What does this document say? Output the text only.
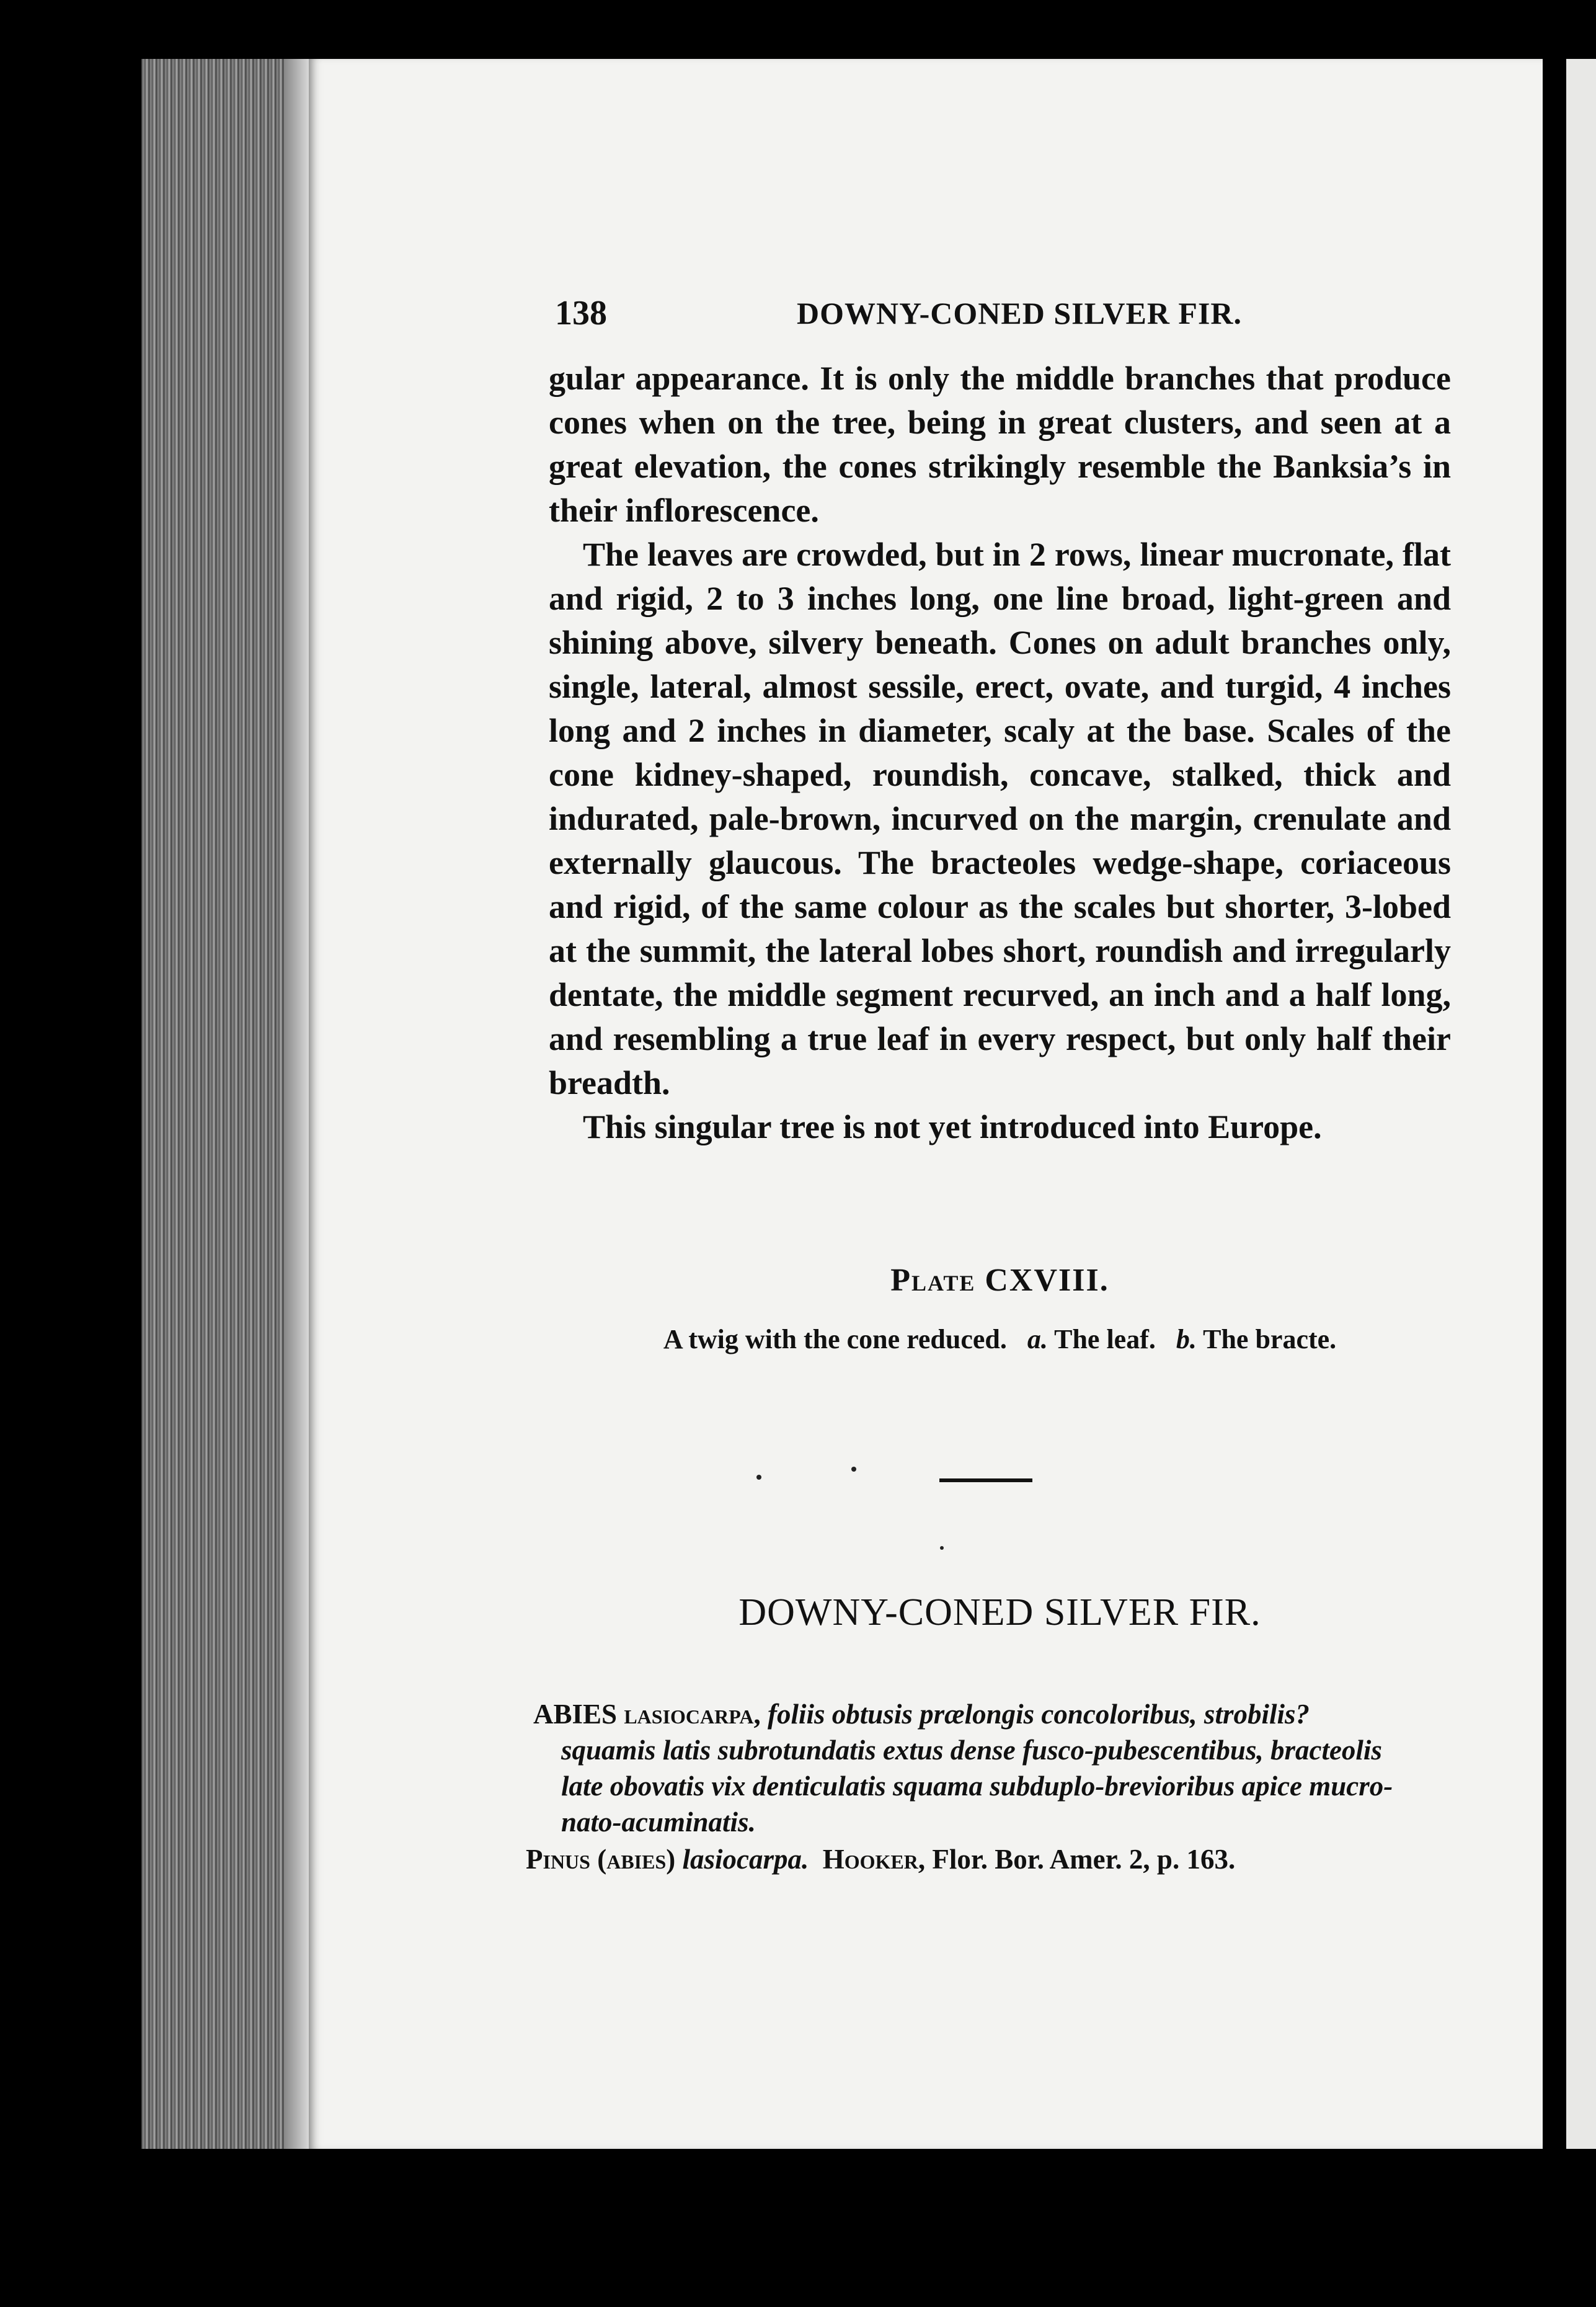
138	DOWNY-CONED SILVER FIR.

gular appearance. It is only the middle branches that produce cones when on the tree, being in great clusters, and seen at a great elevation, the cones strikingly resemble the Banksia’s in their inflorescence.

The leaves are crowded, but in 2 rows, linear mucronate, flat and rigid, 2 to 3 inches long, one line broad, light-green and shining above, silvery beneath. Cones on adult branches only, single, lateral, almost sessile, erect, ovate, and turgid, 4 inches long and 2 inches in diameter, scaly at the base. Scales of the cone kidney-shaped, roundish, concave, stalked, thick and indurated, pale-brown, incurved on the margin, crenulate and externally glaucous. The bracteoles wedge-shape, coriaceous and rigid, of the same colour as the scales but shorter, 3-lobed at the summit, the lateral lobes short, roundish and irregularly dentate, the middle segment recurved, an inch and a half long, and resembling a true leaf in every respect, but only half their breadth.

This singular tree is not yet introduced into Europe.

Plate CXVIII.
A twig with the cone reduced. a. The leaf. b. The bracte.
DOWNY-CONED SILVER FIR.
ABIES lasiocarpa, foliis obtusis prælongis concoloribus, strobilis?
squamis latis subrotundatis extus dense fusco-pubescentibus, bracteolis
late obovatis vix denticulatis squama subduplo-brevioribus apice mucro-
nato-acuminatis.
Pinus (abies) lasiocarpa. Hooker, Flor. Bor. Amer. 2, p. 163.
